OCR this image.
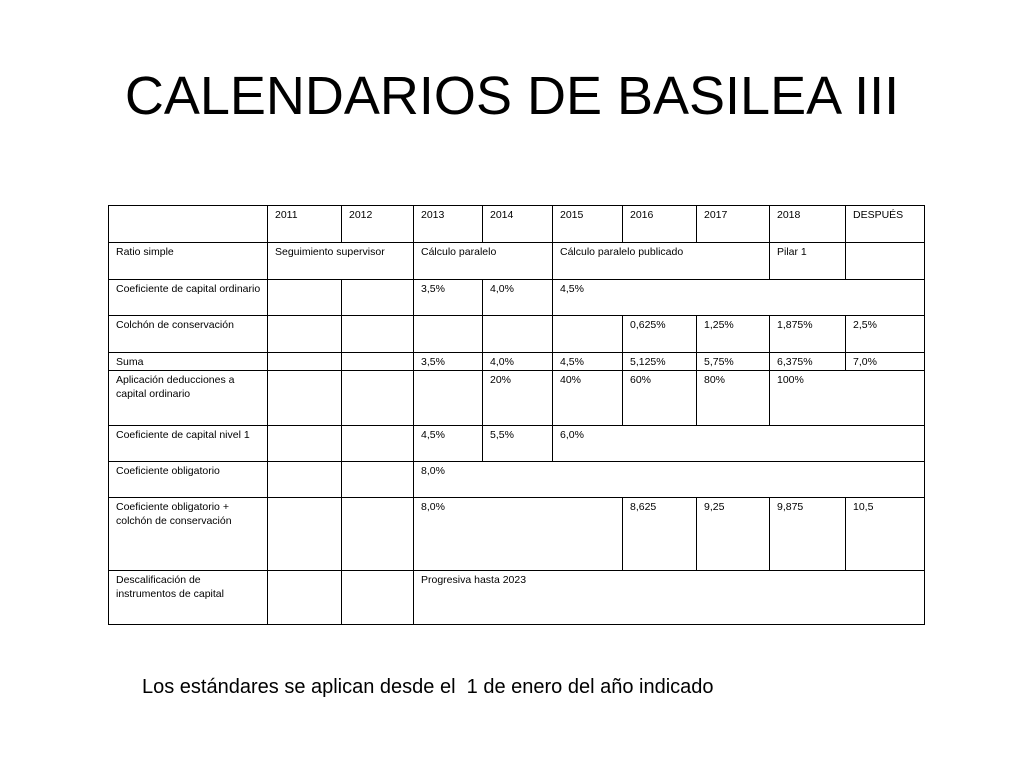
CALENDARIOS DE BASILEA III
	2011	2012	2013	2014	2015	2016	2017	2018	DESPUÉS
Ratio simple	Seguimiento supervisor		Cálculo paralelo		Cálculo paralelo publicado			Pilar 1	
Coeficiente de capital ordinario			3,5%	4,0%	4,5%				
Colchón de conservación						0,625%	1,25%	1,875%	2,5%
Suma			3,5%	4,0%	4,5%	5,125%	5,75%	6,375%	7,0%
Aplicación deducciones a capital ordinario				20%	40%	60%	80%	100%	
Coeficiente de capital nivel 1			4,5%	5,5%	6,0%				
Coeficiente obligatorio			8,0%						
Coeficiente obligatorio + colchón de conservación			8,0%			8,625	9,25	9,875	10,5
Descalificación de instrumentos de capital			Progresiva hasta 2023						
Los estándares se aplican desde el  1 de enero del año indicado
